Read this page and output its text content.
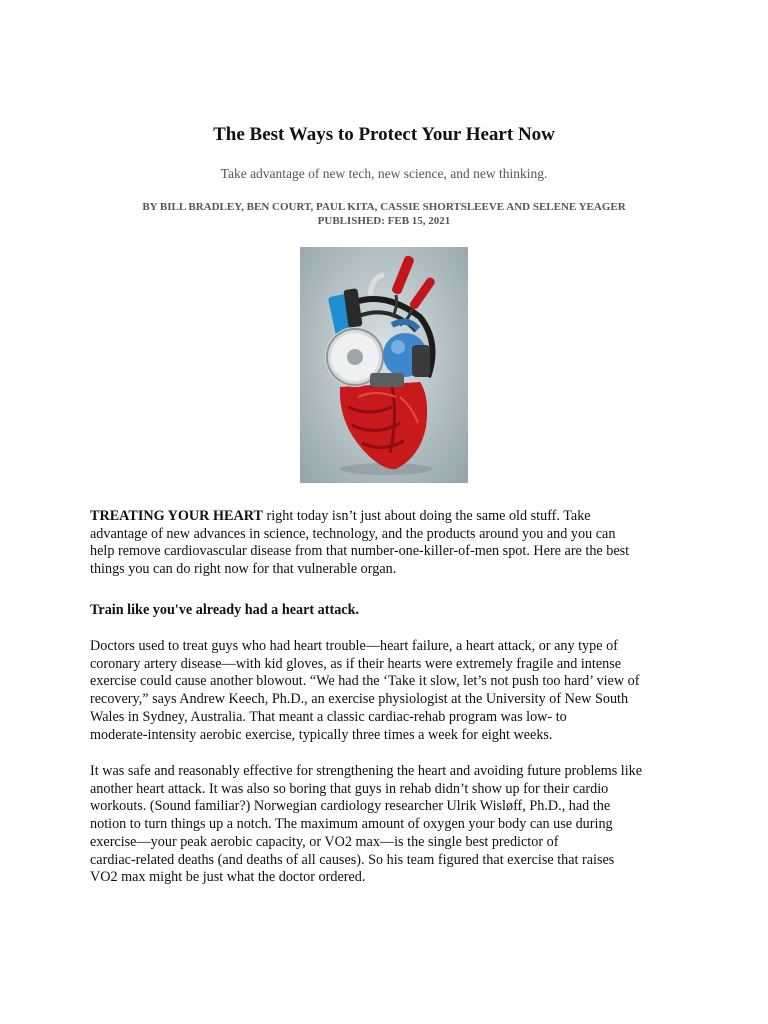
The Best Ways to Protect Your Heart Now

Take advantage of new tech, new science, and new thinking.

BY BILL BRADLEY, BEN COURT, PAUL KITA, CASSIE SHORTSLEEVE AND SELENE YEAGER
PUBLISHED: FEB 15, 2021

TREATING YOUR HEART right today isn’t just about doing the same old stuff. Take
advantage of new advances in science, technology, and the products around you and you can
help remove cardiovascular disease from that number-one-killer-of-men spot. Here are the best
things you can do right now for that vulnerable organ.

Train like you've already had a heart attack.

Doctors used to treat guys who had heart trouble—heart failure, a heart attack, or any type of
coronary artery disease—with kid gloves, as if their hearts were extremely fragile and intense
exercise could cause another blowout. “We had the ‘Take it slow, let’s not push too hard’ view of
recovery,” says Andrew Keech, Ph.D., an exercise physiologist at the University of New South
Wales in Sydney, Australia. That meant a classic cardiac-rehab program was low- to
moderate-intensity aerobic exercise, typically three times a week for eight weeks.

It was safe and reasonably effective for strengthening the heart and avoiding future problems like
another heart attack. It was also so boring that guys in rehab didn’t show up for their cardio
workouts. (Sound familiar?) Norwegian cardiology researcher Ulrik Wisløff, Ph.D., had the
notion to turn things up a notch. The maximum amount of oxygen your body can use during
exercise—your peak aerobic capacity, or VO2 max—is the single best predictor of
cardiac-related deaths (and deaths of all causes). So his team figured that exercise that raises
VO2 max might be just what the doctor ordered.
